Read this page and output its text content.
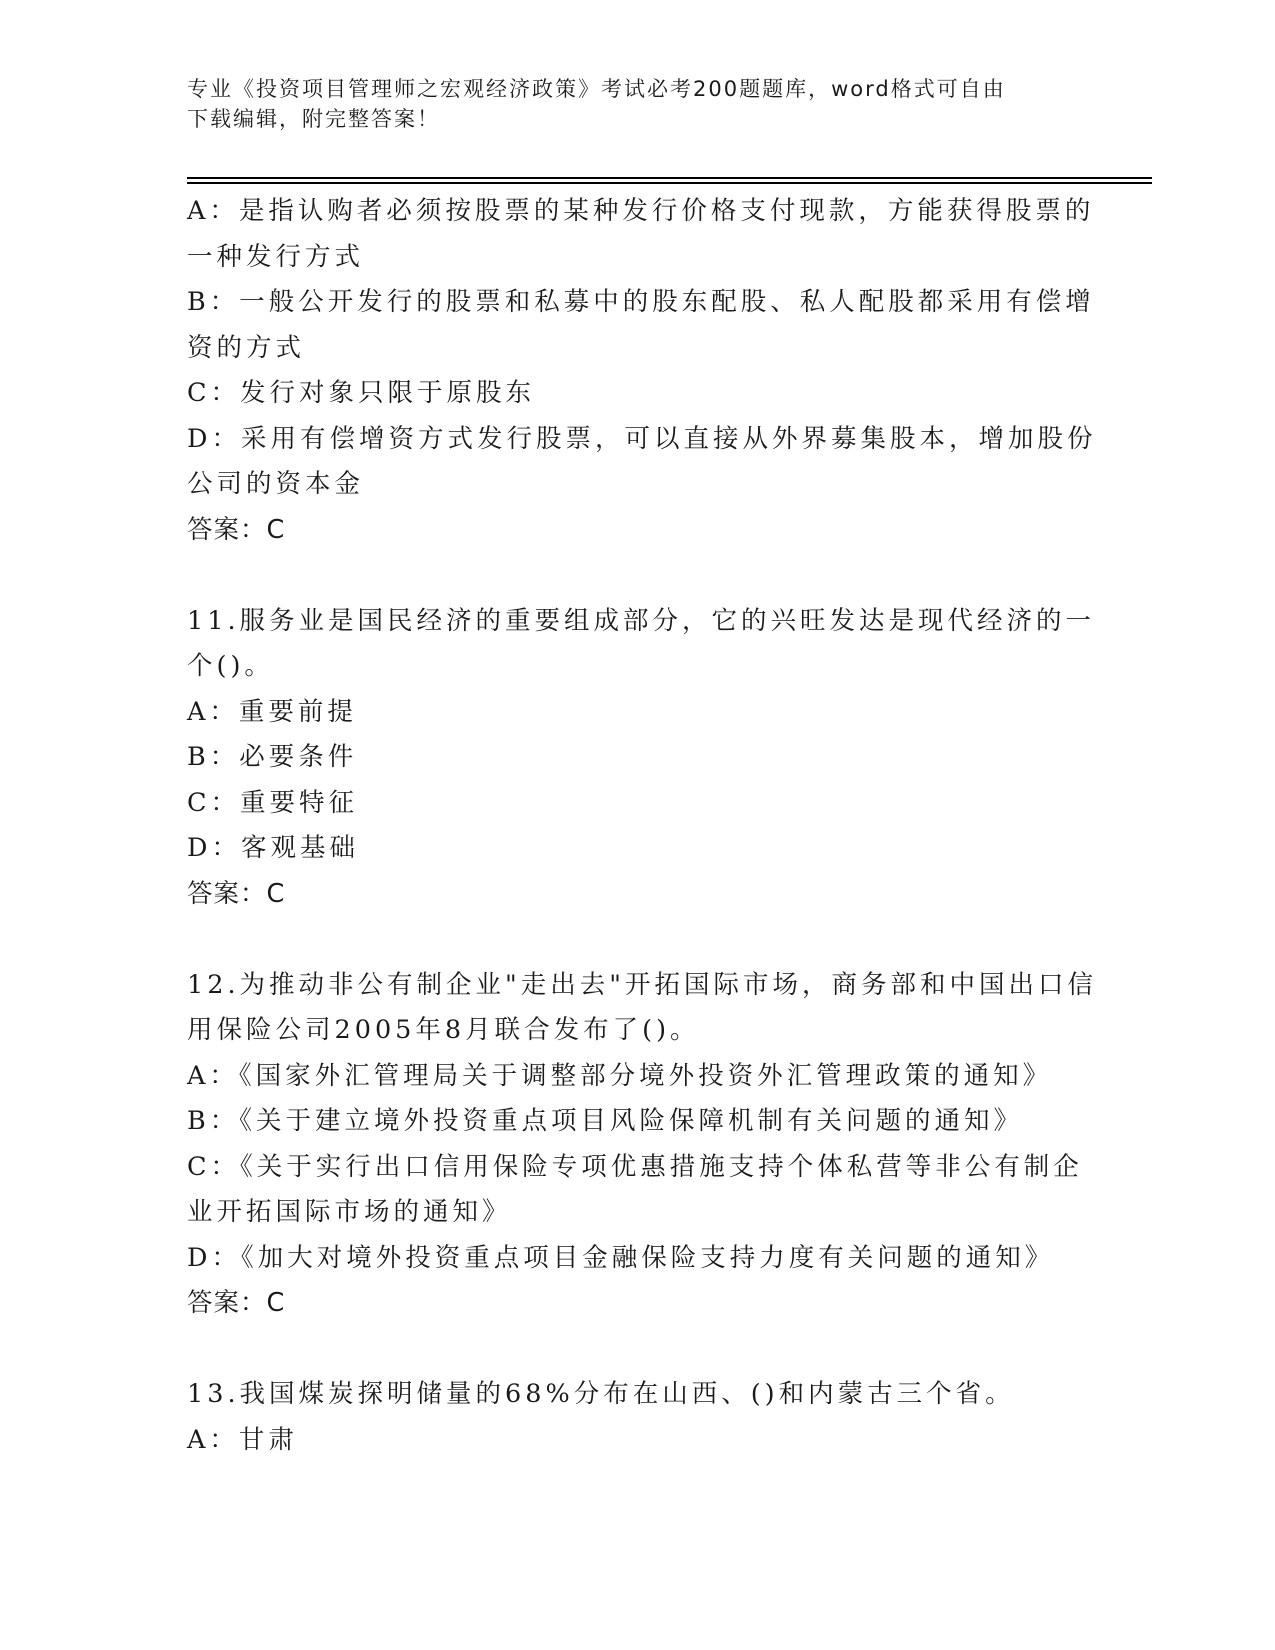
专业《投资项目管理师之宏观经济政策》考试必考200题题库，word格式可自由
下载编辑，附完整答案！
A：是指认购者必须按股票的某种发行价格支付现款，方能获得股票的
一种发行方式
B：一般公开发行的股票和私募中的股东配股、私人配股都采用有偿增
资的方式
C：发行对象只限于原股东
D：采用有偿增资方式发行股票，可以直接从外界募集股本，增加股份
公司的资本金
答案：C
11.服务业是国民经济的重要组成部分，它的兴旺发达是现代经济的一
个()。
A：重要前提
B：必要条件
C：重要特征
D：客观基础
答案：C
12.为推动非公有制企业"走出去"开拓国际市场，商务部和中国出口信
用保险公司2005年8月联合发布了()。
A：《国家外汇管理局关于调整部分境外投资外汇管理政策的通知》
B：《关于建立境外投资重点项目风险保障机制有关问题的通知》
C：《关于实行出口信用保险专项优惠措施支持个体私营等非公有制企
业开拓国际市场的通知》
D：《加大对境外投资重点项目金融保险支持力度有关问题的通知》
答案：C
13.我国煤炭探明储量的68%分布在山西、()和内蒙古三个省。
A：甘肃
